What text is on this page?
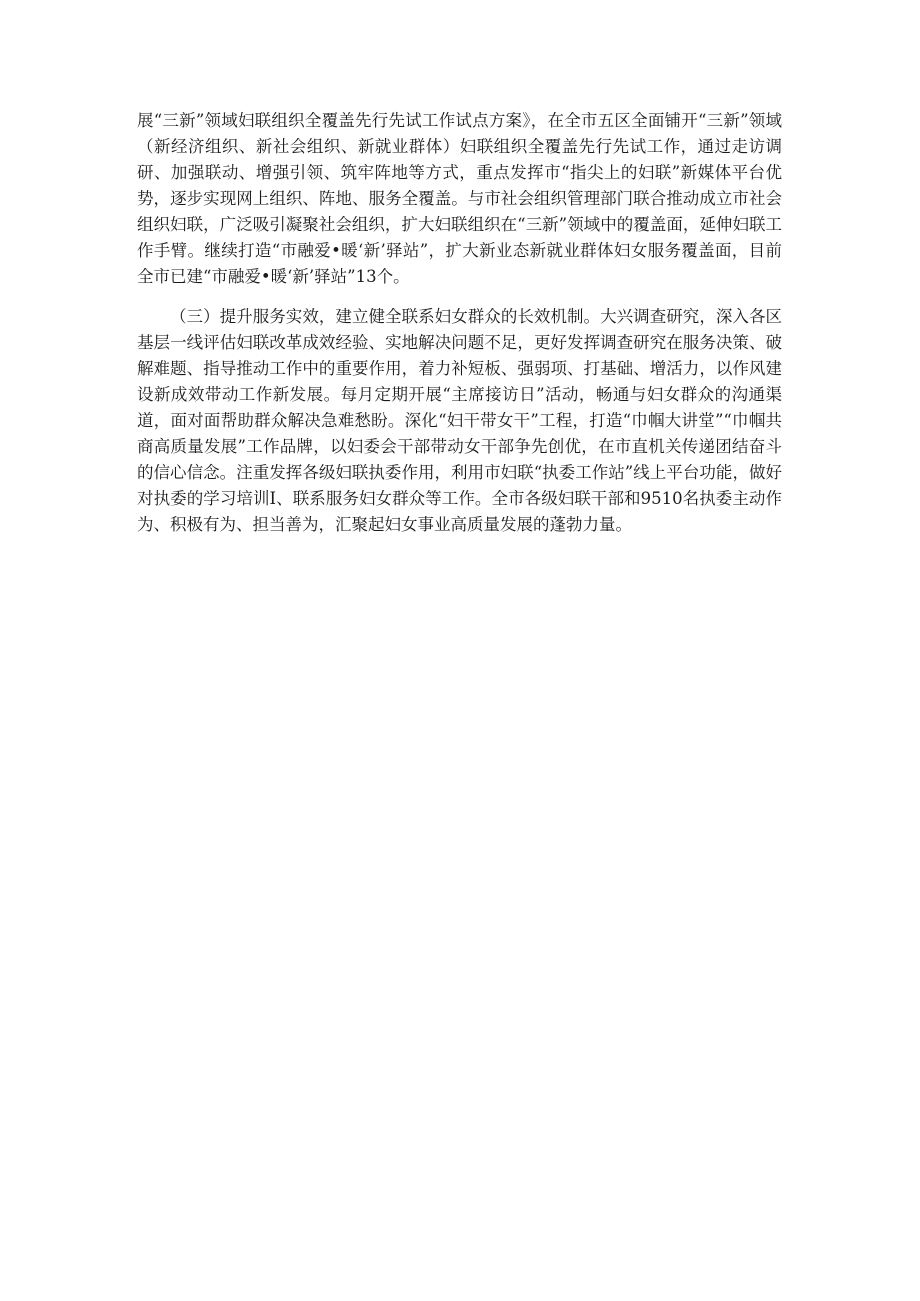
展“三新”领域妇联组织全覆盖先行先试工作试点方案》，在全市五区全面铺开“三新”领域（新经济组织、新社会组织、新就业群体）妇联组织全覆盖先行先试工作，通过走访调研、加强联动、增强引领、筑牢阵地等方式，重点发挥市“指尖上的妇联”新媒体平台优势，逐步实现网上组织、阵地、服务全覆盖。与市社会组织管理部门联合推动成立市社会组织妇联，广泛吸引凝聚社会组织，扩大妇联组织在“三新”领域中的覆盖面，延伸妇联工作手臂。继续打造“市融爱•暖‘新’驿站”，扩大新业态新就业群体妇女服务覆盖面，目前全市已建“市融爱•暖‘新’驿站”13个。

（三）提升服务实效，建立健全联系妇女群众的长效机制。大兴调查研究，深入各区基层一线评估妇联改革成效经验、实地解决问题不足，更好发挥调查研究在服务决策、破解难题、指导推动工作中的重要作用，着力补短板、强弱项、打基础、增活力，以作风建设新成效带动工作新发展。每月定期开展“主席接访日”活动，畅通与妇女群众的沟通渠道，面对面帮助群众解决急难愁盼。深化“妇干带女干”工程，打造“巾帼大讲堂”“巾帼共商高质量发展”工作品牌，以妇委会干部带动女干部争先创优，在市直机关传递团结奋斗的信心信念。注重发挥各级妇联执委作用，利用市妇联“执委工作站”线上平台功能，做好对执委的学习培训I、联系服务妇女群众等工作。全市各级妇联干部和9510名执委主动作为、积极有为、担当善为，汇聚起妇女事业高质量发展的蓬勃力量。
